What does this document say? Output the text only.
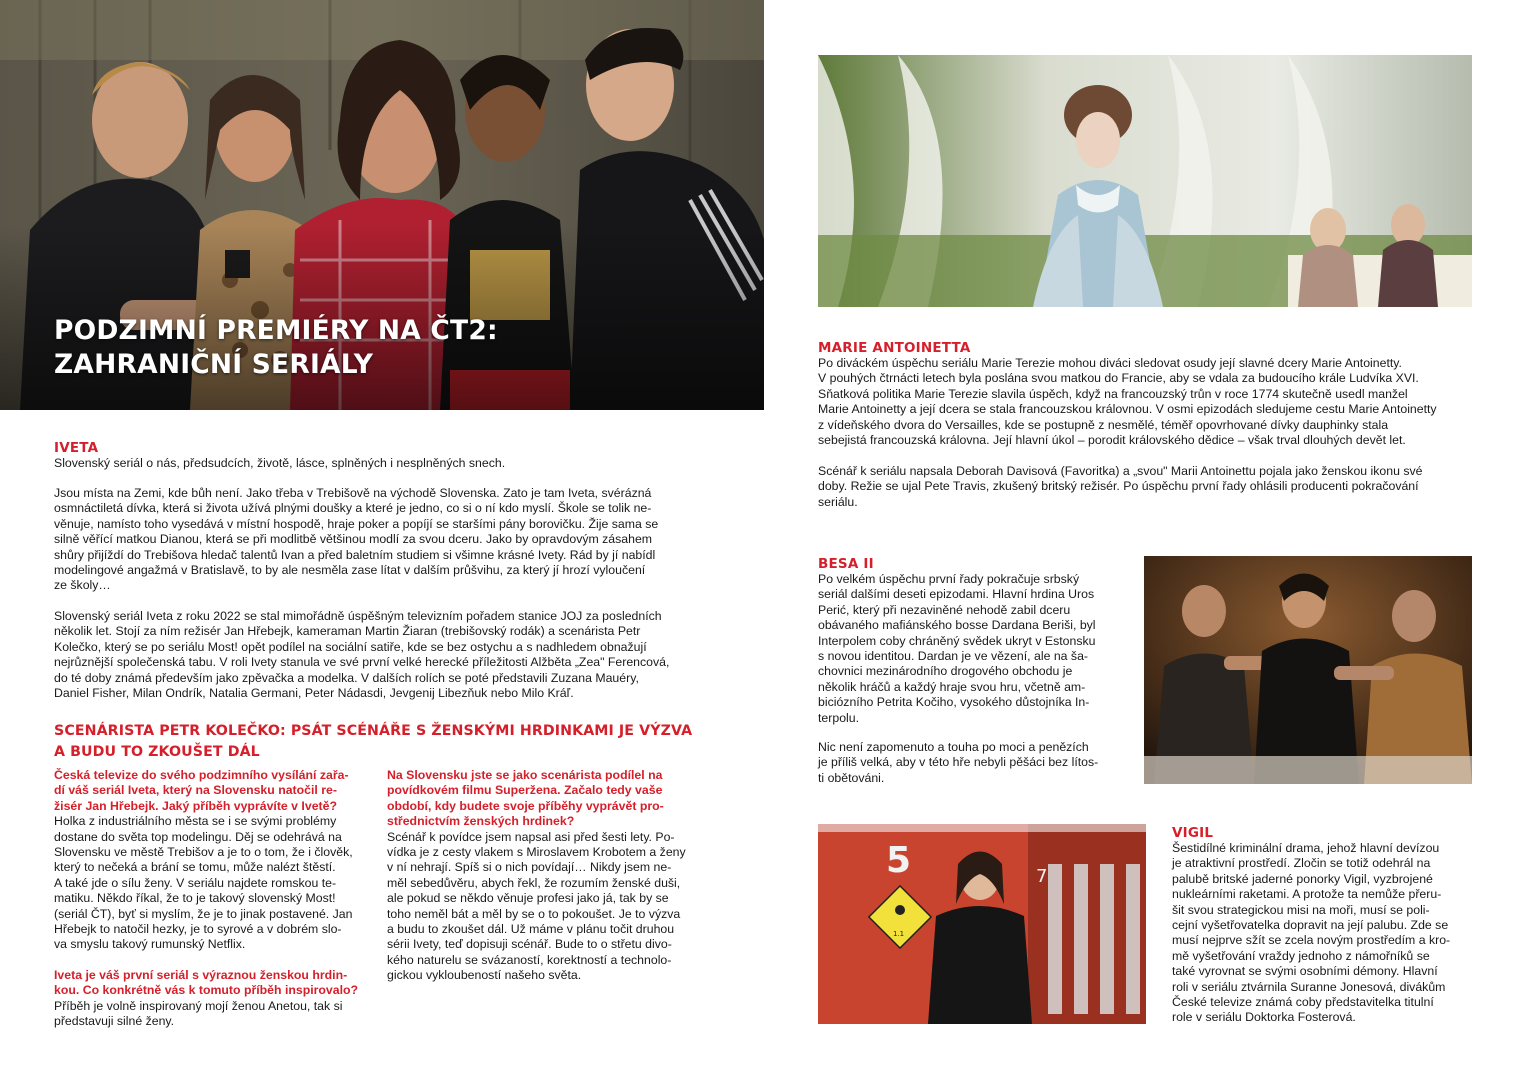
PODZIMNÍ PREMIÉRY NA ČT2:
ZAHRANIČNÍ SERIÁLY
IVETA
Slovenský seriál o nás, předsudcích, životě, lásce, splněných i nesplněných snech.

Jsou místa na Zemi, kde bůh není. Jako třeba v Trebišově na východě Slovenska. Zato je tam Iveta, svérázná

osmnáctiletá dívka, která si života užívá plnými doušky a které je jedno, co si o ní kdo myslí. Škole se tolik ne-

věnuje, namísto toho vysedává v místní hospodě, hraje poker a popíjí se staršími pány borovičku. Žije sama se

silně věřící matkou Dianou, která se při modlitbě většinou modlí za svou dceru. Jako by opravdovým zásahem

shůry přijíždí do Trebišova hledač talentů Ivan a před baletním studiem si všimne krásné Ivety. Rád by jí nabídl

modelingové angažmá v Bratislavě, to by ale nesměla zase lítat v dalším průšvihu, za který jí hrozí vyloučení

ze školy…

Slovenský seriál Iveta z roku 2022 se stal mimořádně úspěšným televizním pořadem stanice JOJ za posledních

několik let. Stojí za ním režisér Jan Hřebejk, kameraman Martin Žiaran (trebišovský rodák) a scenárista Petr

Kolečko, který se po seriálu Most! opět podílel na sociální satiře, kde se bez ostychu a s nadhledem obnažují

nejrůznější společenská tabu. V roli Ivety stanula ve své první velké herecké příležitosti Alžběta „Zea" Ferencová,

do té doby známá především jako zpěvačka a modelka. V dalších rolích se poté představili Zuzana Mauéry,

Daniel Fisher, Milan Ondrík, Natalia Germani, Peter Nádasdi, Jevgenij Libezňuk nebo Milo Kráľ.

SCENÁRISTA PETR KOLEČKO: PSÁT SCÉNÁŘE S ŽENSKÝMI HRDINKAMI JE VÝZVA
A BUDU TO ZKOUŠET DÁL

Česká televize do svého podzimního vysílání zařa-

dí váš seriál Iveta, který na Slovensku natočil re-

žisér Jan Hřebejk. Jaký příběh vyprávíte v Ivetě?

Holka z industriálního města se i se svými problémy

dostane do světa top modelingu. Děj se odehrává na

Slovensku ve městě Trebišov a je to o tom, že i člověk,

který to nečeká a brání se tomu, může nalézt štěstí.

A také jde o sílu ženy. V seriálu najdete romskou te-

matiku. Někdo říkal, že to je takový slovenský Most!

(seriál ČT), byť si myslím, že je to jinak postavené. Jan

Hřebejk to natočil hezky, je to syrové a v dobrém slo-

va smyslu takový rumunský Netflix.

Iveta je váš první seriál s výraznou ženskou hrdin-

kou. Co konkrétně vás k tomuto příběh inspirovalo?

Příběh je volně inspirovaný mojí ženou Anetou, tak si

představuji silné ženy.

Na Slovensku jste se jako scenárista podílel na

povídkovém filmu Superžena. Začalo tedy vaše

období, kdy budete svoje příběhy vyprávět pro-

střednictvím ženských hrdinek?

Scénář k povídce jsem napsal asi před šesti lety. Po-

vídka je z cesty vlakem s Miroslavem Krobotem a ženy

v ní nehrají. Spíš si o nich povídají… Nikdy jsem ne-

měl sebedůvěru, abych řekl, že rozumím ženské duši,

ale pokud se někdo věnuje profesi jako já, tak by se

toho neměl bát a měl by se o to pokoušet. Je to výzva

a budu to zkoušet dál. Už máme v plánu točit druhou

sérii Ivety, teď dopisuji scénář. Bude to o střetu divo-

kého naturelu se svázaností, korektností a technolo-

gickou vykloubeností našeho světa.

MARIE ANTOINETTA

Po diváckém úspěchu seriálu Marie Terezie mohou diváci sledovat osudy její slavné dcery Marie Antoinetty.

V pouhých čtrnácti letech byla poslána svou matkou do Francie, aby se vdala za budoucího krále Ludvíka XVI.

Sňatková politika Marie Terezie slavila úspěch, když na francouzský trůn v roce 1774 skutečně usedl manžel

Marie Antoinetty a její dcera se stala francouzskou královnou. V osmi epizodách sledujeme cestu Marie Antoinetty

z vídeňského dvora do Versailles, kde se postupně z nesmělé, téměř opovrhované dívky dauphinky stala

sebejistá francouzská královna. Její hlavní úkol – porodit královského dědice – však trval dlouhých devět let.

Scénář k seriálu napsala Deborah Davisová (Favoritka) a „svou" Marii Antoinettu pojala jako ženskou ikonu své

doby. Režie se ujal Pete Travis, zkušený britský režisér. Po úspěchu první řady ohlásili producenti pokračování

seriálu.

BESA II

Po velkém úspěchu první řady pokračuje srbský

seriál dalšími deseti epizodami. Hlavní hrdina Uros

Perić, který při nezaviněné nehodě zabil dceru

obávaného mafiánského bosse Dardana Beriši, byl

Interpolem coby chráněný svědek ukryt v Estonsku

s novou identitou. Dardan je ve vězení, ale na ša-

chovnici mezinárodního drogového obchodu je

několik hráčů a každý hraje svou hru, včetně am-

biciózního Petrita Kočiho, vysokého důstojníka In-

terpolu.

Nic není zapomenuto a touha po moci a penězích

je příliš velká, aby v této hře nebyli pěšáci bez lítos-

ti obětováni.

5	7
1.1
VIGIL

Šestidílné kriminální drama, jehož hlavní devízou

je atraktivní prostředí. Zločin se totiž odehrál na

palubě britské jaderné ponorky Vigil, vyzbrojené

nukleárními raketami. A protože ta nemůže přeru-

šit svou strategickou misi na moři, musí se poli-

cejní vyšetřovatelka dopravit na její palubu. Zde se

musí nejprve sžít se zcela novým prostředím a kro-

mě vyšetřování vraždy jednoho z námořníků se

také vyrovnat se svými osobními démony. Hlavní

roli v seriálu ztvárnila Suranne Jonesová, divákům

České televize známá coby představitelka titulní

role v seriálu Doktorka Fosterová.
